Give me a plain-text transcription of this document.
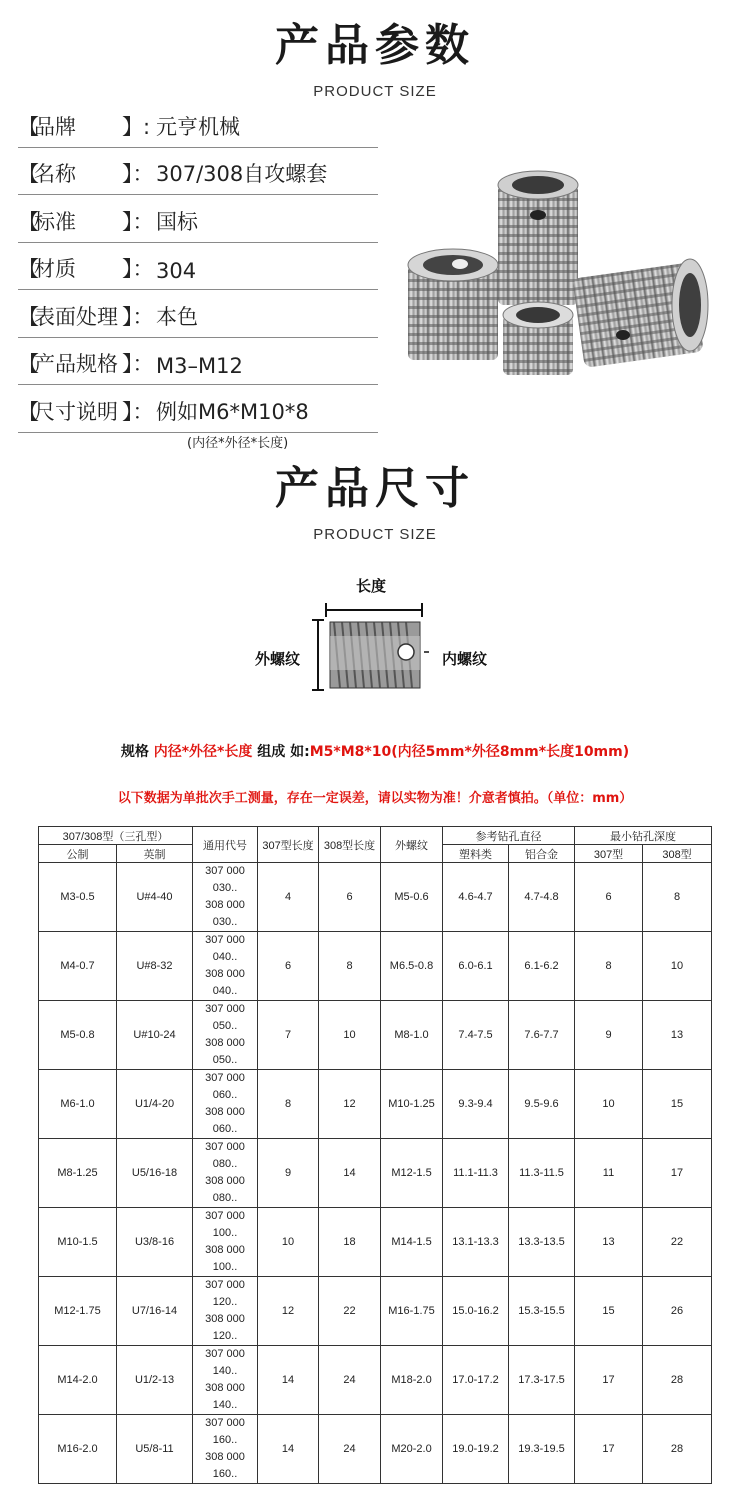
产品参数
PRODUCT SIZE
【
品牌	】: 元亨机械
【
名称	】： 307/308自攻螺套
【
标准	】： 国标
【
材质	】： 304
【
表面处理 】： 本色
【
产品规格 】： M3–M12
【
尺寸说明 】： 例如M6*M10*8
(内径*外径*长度)
产品尺寸
PRODUCT SIZE
长度
外螺纹	内螺纹
规格 内径*外径*长度 组成 如:M5*M8*10(内径5mm*外径8mm*长度10mm)
以下数据为单批次手工测量，存在一定误差，请以实物为准！介意者慎拍。（单位：mm）
307/308型（三孔型）		通用代号	307型长度	308型长度	外螺纹	参考钻孔直径		最小钻孔深度	
公制	英制					塑料类	铝合金	307型	308型
M3-0.5	U#4-40	307 000
030..
308 000
030..	4	6	M5-0.6	4.6-4.7	4.7-4.8	6	8
M4-0.7	U#8-32	307 000
040..
308 000
040..	6	8	M6.5-0.8	6.0-6.1	6.1-6.2	8	10
M5-0.8	U#10-24	307 000
050..
308 000
050..	7	10	M8-1.0	7.4-7.5	7.6-7.7	9	13
M6-1.0	U1/4-20	307 000
060..
308 000
060..	8	12	M10-1.25	9.3-9.4	9.5-9.6	10	15
M8-1.25	U5/16-18	307 000
080..
308 000
080..	9	14	M12-1.5	11.1-11.3	11.3-11.5	11	17
M10-1.5	U3/8-16	307 000
100..
308 000
100..	10	18	M14-1.5	13.1-13.3	13.3-13.5	13	22
M12-1.75	U7/16-14	307 000
120..
308 000
120..	12	22	M16-1.75	15.0-16.2	15.3-15.5	15	26
M14-2.0	U1/2-13	307 000
140..
308 000
140..	14	24	M18-2.0	17.0-17.2	17.3-17.5	17	28
M16-2.0	U5/8-11	307 000
160..
308 000
160..	14	24	M20-2.0	19.0-19.2	19.3-19.5	17	28
